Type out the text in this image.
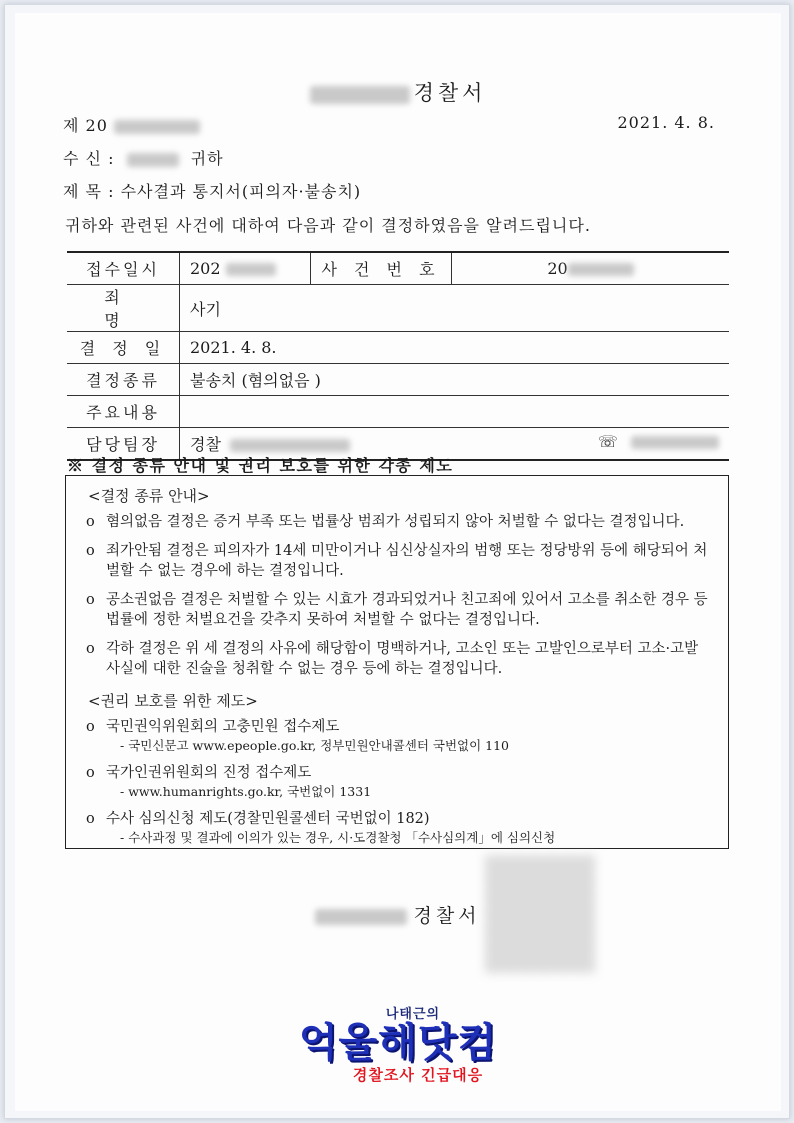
경찰서
제 20	2021. 4. 8.
수 신 :	귀하
제 목 : 수사결과 통지서(피의자·불송치)
귀하와 관련된 사건에 대하여 다음과 같이 결정하였음을 알려드립니다.
접수일시	202	사 건 번 호	20
죄 명	사기		
결 정 일	2021. 4. 8.		
결정종류	불송치 (혐의없음 )		
주요내용			
담당팀장	경찰 ☏		
※ 결정 종류 안내 및 권리 보호를 위한 각종 제도
<결정 종류 안내>
o 혐의없음 결정은 증거 부족 또는 법률상 범죄가 성립되지 않아 처벌할 수 없다는 결정입니다.
o 죄가안됨 결정은 피의자가 14세 미만이거나 심신상실자의 범행 또는 정당방위 등에 해당되어 처벌할 수 없는 경우에 하는 결정입니다.
o 공소권없음 결정은 처벌할 수 있는 시효가 경과되었거나 친고죄에 있어서 고소를 취소한 경우 등 법률에 정한 처벌요건을 갖추지 못하여 처벌할 수 없다는 결정입니다.
o 각하 결정은 위 세 결정의 사유에 해당함이 명백하거나, 고소인 또는 고발인으로부터 고소·고발 사실에 대한 진술을 청취할 수 없는 경우 등에 하는 결정입니다.
<권리 보호를 위한 제도>
o 국민권익위원회의 고충민원 접수제도
- 국민신문고 www.epeople.go.kr, 정부민원안내콜센터 국번없이 110
o 국가인권위원회의 진정 접수제도
- www.humanrights.go.kr, 국번없이 1331
o 수사 심의신청 제도(경찰민원콜센터 국번없이 182)
- 수사과정 및 결과에 이의가 있는 경우, 시·도경찰청 「수사심의계」에 심의신청
경찰서
나태근의
억울해닷컴
경찰조사 긴급대응
